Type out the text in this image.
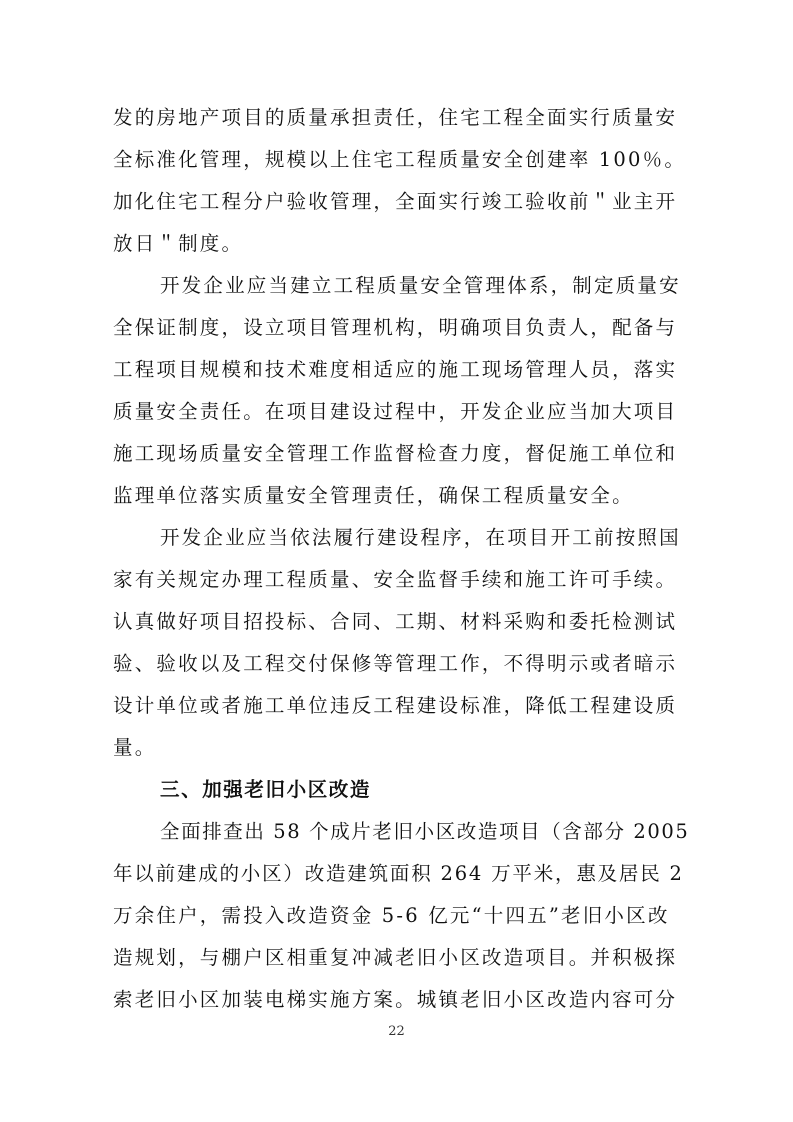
发的房地产项目的质量承担责任，住宅工程全面实行质量安
全标准化管理，规模以上住宅工程质量安全创建率 100％。
加化住宅工程分户验收管理，全面实行竣工验收前＂业主开
放日＂制度。
开发企业应当建立工程质量安全管理体系，制定质量安
全保证制度，设立项目管理机构，明确项目负责人，配备与
工程项目规模和技术难度相适应的施工现场管理人员，落实
质量安全责任。在项目建设过程中，开发企业应当加大项目
施工现场质量安全管理工作监督检查力度，督促施工单位和
监理单位落实质量安全管理责任，确保工程质量安全。
开发企业应当依法履行建设程序，在项目开工前按照国
家有关规定办理工程质量、安全监督手续和施工许可手续。
认真做好项目招投标、合同、工期、材料采购和委托检测试
验、验收以及工程交付保修等管理工作，不得明示或者暗示
设计单位或者施工单位违反工程建设标准，降低工程建设质
量。
三、加强老旧小区改造
全面排查出 58 个成片老旧小区改造项目（含部分 2005
年以前建成的小区）改造建筑面积 264 万平米，惠及居民 2
万余住户，需投入改造资金 5-6 亿元“十四五”老旧小区改
造规划，与棚户区相重复冲减老旧小区改造项目。并积极探
索老旧小区加装电梯实施方案。城镇老旧小区改造内容可分
22
